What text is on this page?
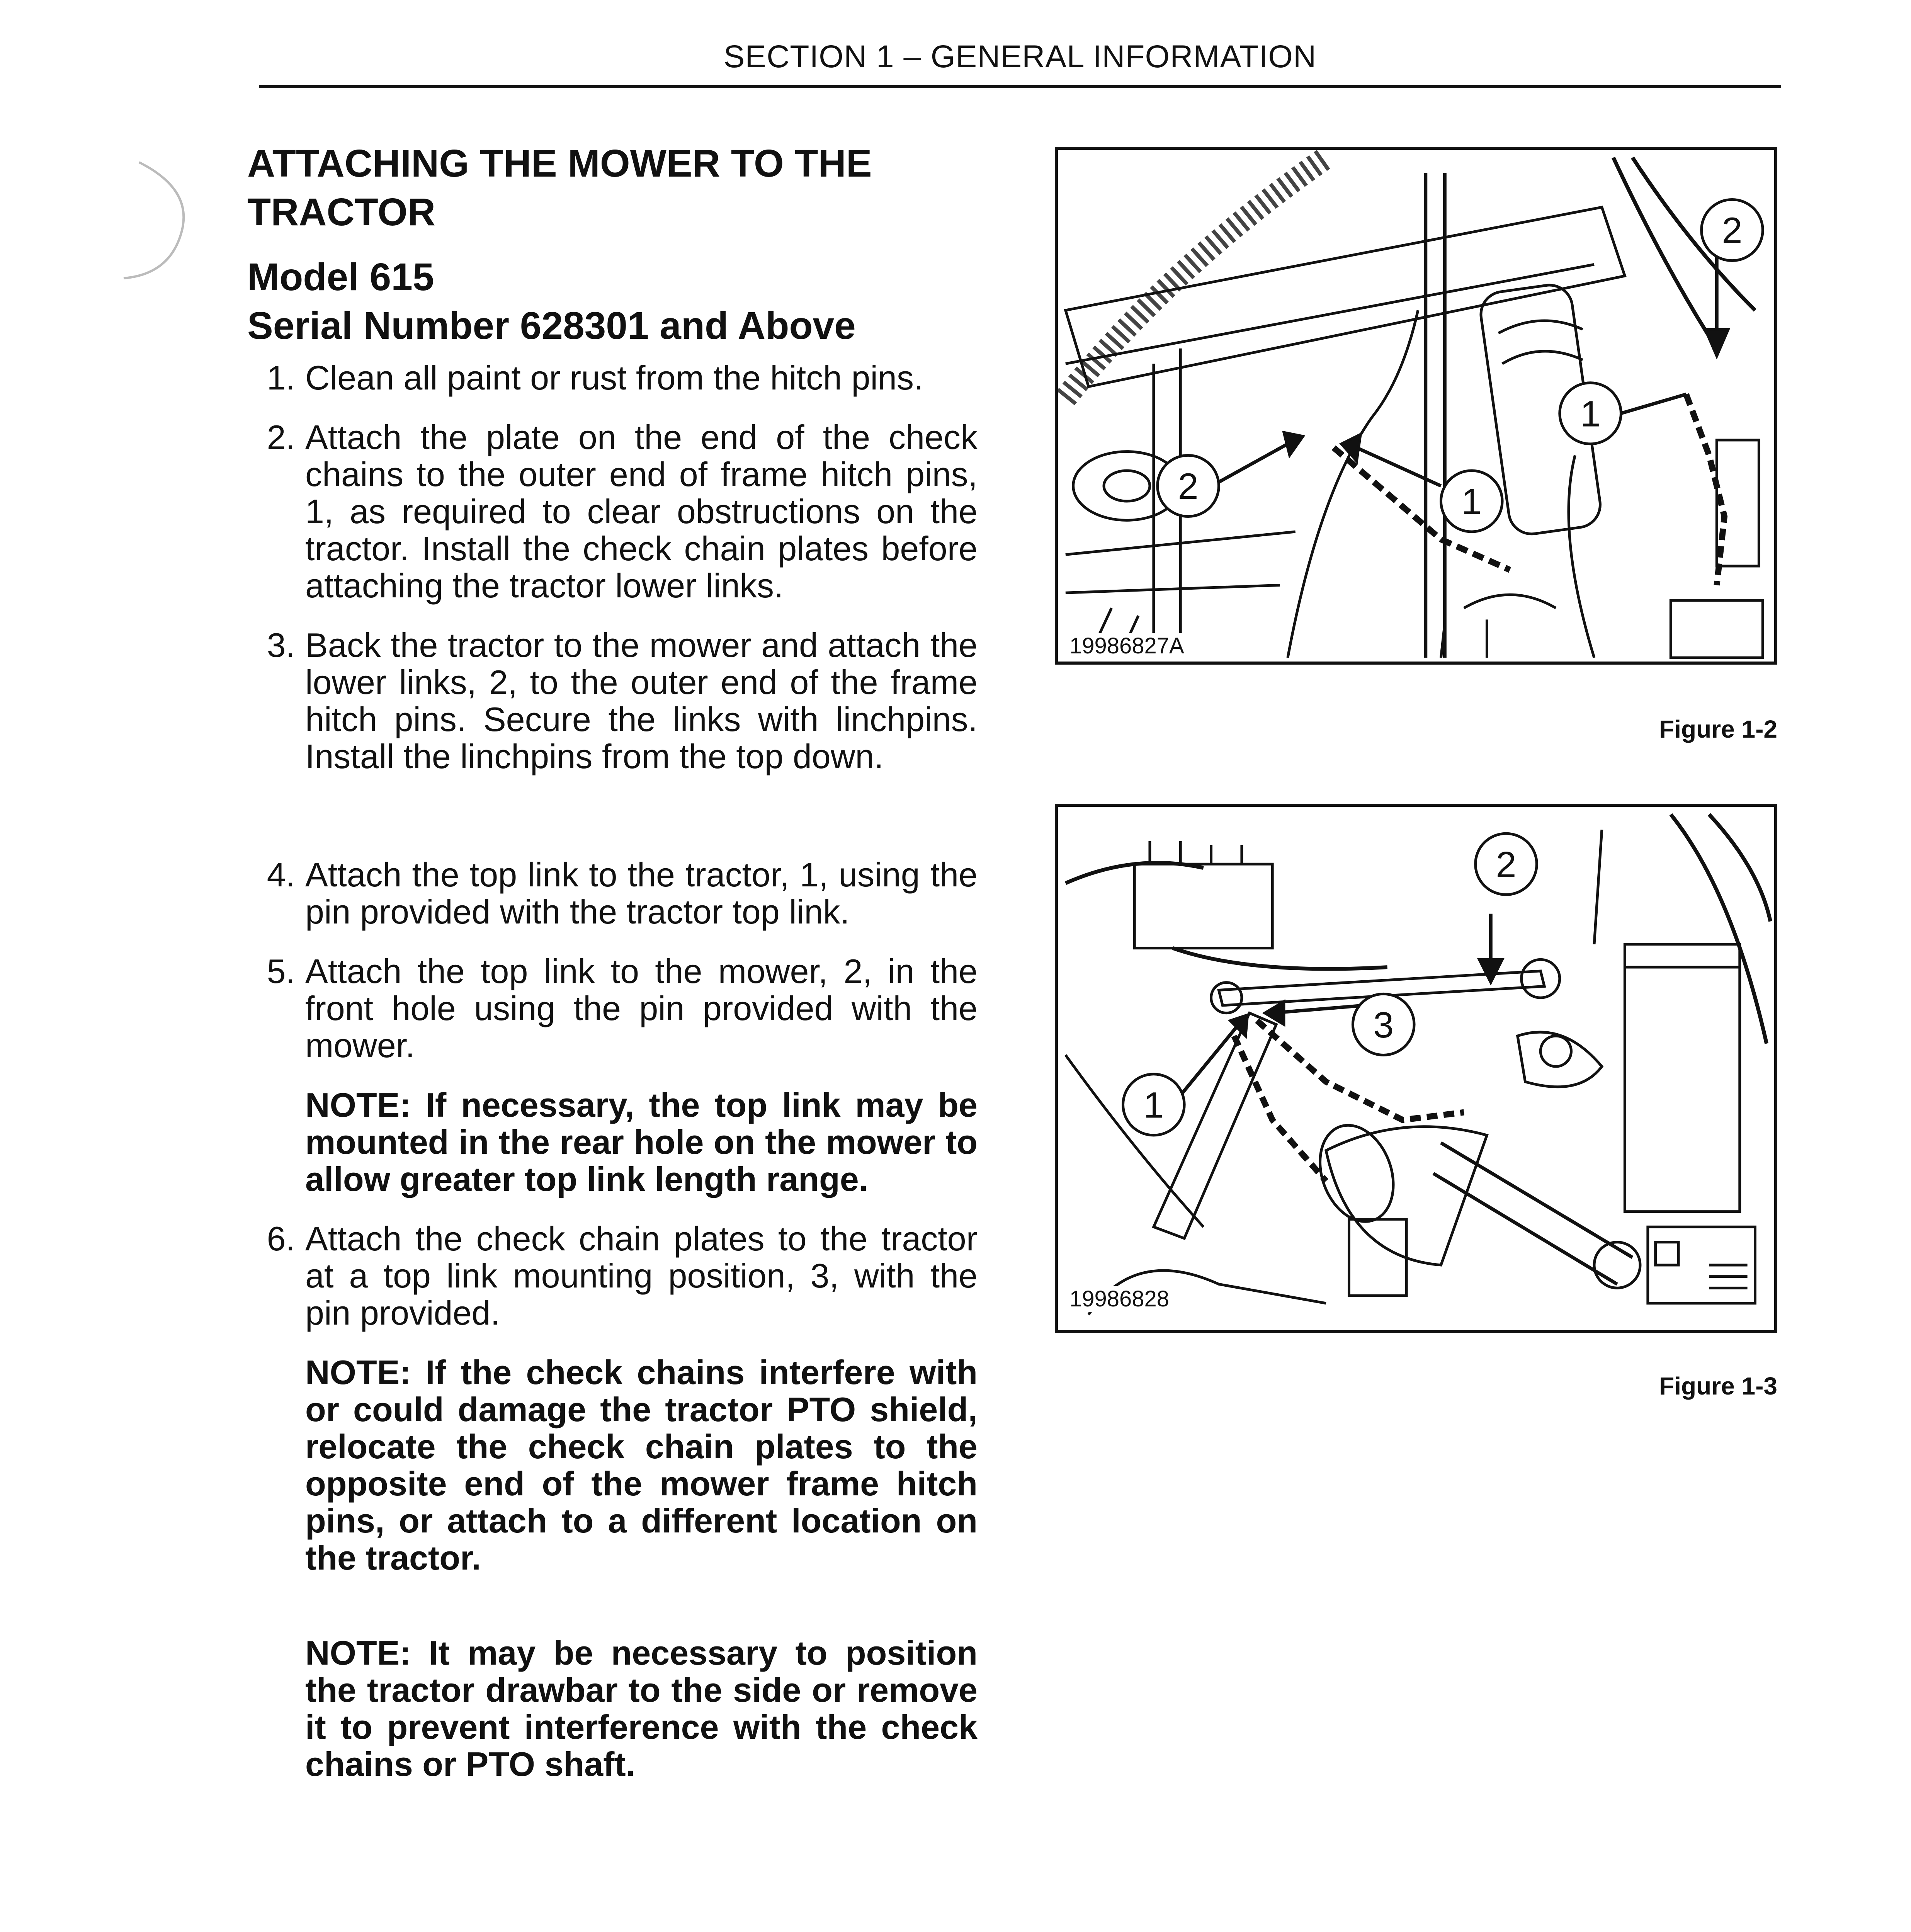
SECTION 1 – GENERAL INFORMATION
ATTACHING THE MOWER TO THE
TRACTOR
Model 615
Serial Number 628301 and Above
1. Clean all paint or rust from the hitch pins.
2. Attach the plate on the end of the check chains to the outer end of frame hitch pins, 1, as required to clear obstructions on the tractor. Install the check chain plates before attaching the tractor lower links.
3. Back the tractor to the mower and attach the lower links, 2, to the outer end of the frame hitch pins. Secure the links with linchpins. Install the linchpins from the top down.
4. Attach the top link to the tractor, 1, using the pin provided with the tractor top link.
5. Attach the top link to the mower, 2, in the front hole using the pin provided with the mower.
NOTE: If necessary, the top link may be mounted in the rear hole on the mower to allow greater top link length range.
6. Attach the check chain plates to the tractor at a top link mounting position, 3, with the pin provided.
NOTE: If the check chains interfere with or could damage the tractor PTO shield, relocate the check chain plates to the opposite end of the mower frame hitch pins, or attach to a different location on the tractor.
NOTE: It may be necessary to position the tractor drawbar to the side or remove it to prevent interference with the check chains or PTO shaft.
2
1
2	1
19986827A
Figure 1-2
2
3
1
19986828
Figure 1-3
